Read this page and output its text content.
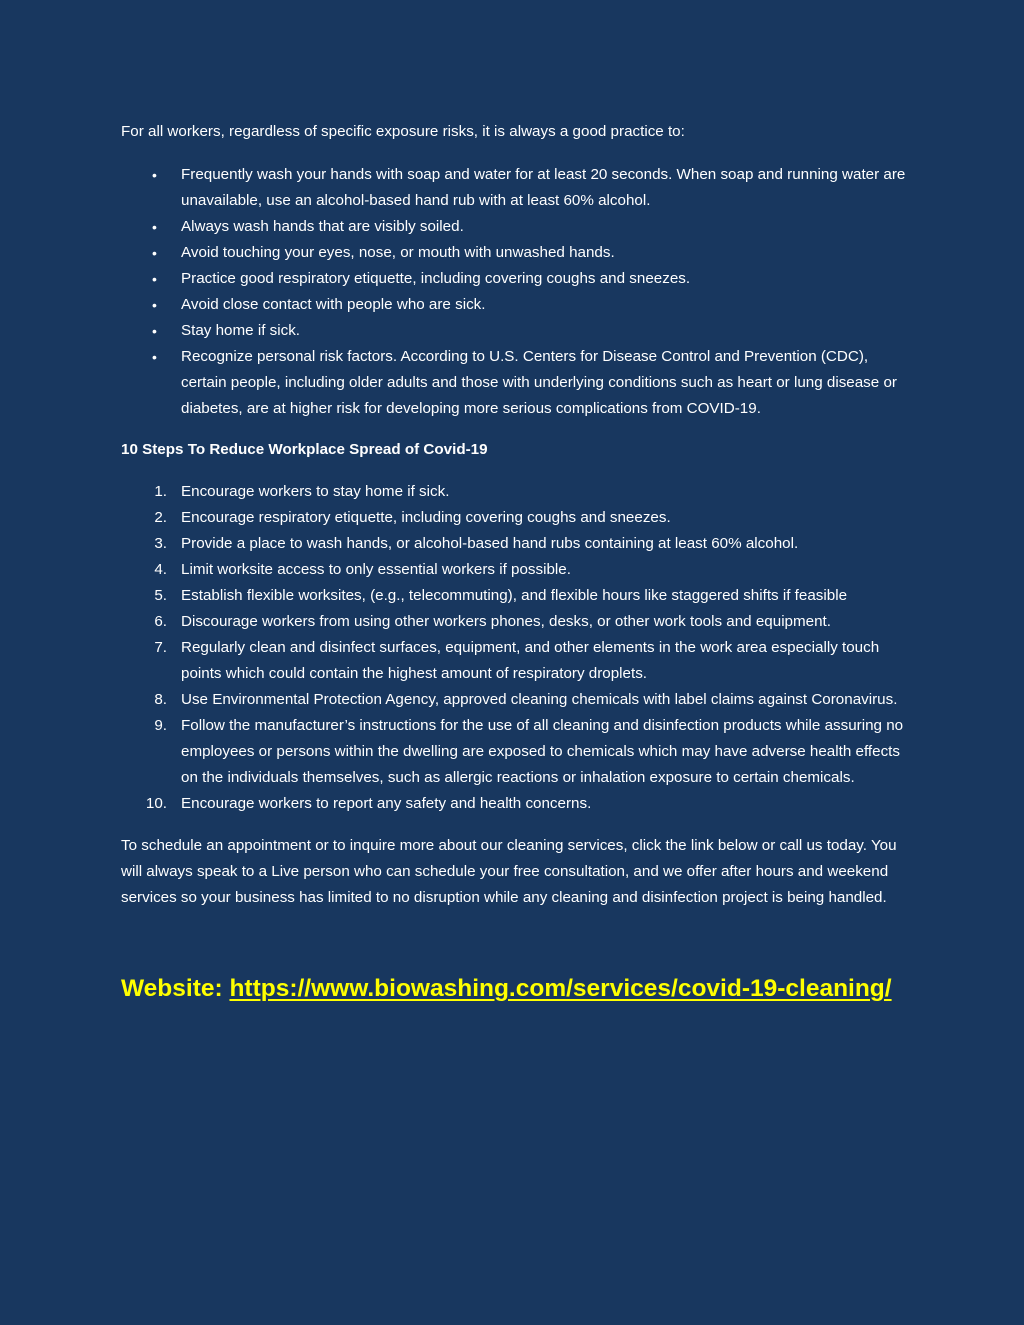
For all workers, regardless of specific exposure risks, it is always a good practice to:

• Frequently wash your hands with soap and water for at least 20 seconds. When soap and running water are unavailable, use an alcohol-based hand rub with at least 60% alcohol.
• Always wash hands that are visibly soiled.
• Avoid touching your eyes, nose, or mouth with unwashed hands.
• Practice good respiratory etiquette, including covering coughs and sneezes.
• Avoid close contact with people who are sick.
• Stay home if sick.
• Recognize personal risk factors. According to U.S. Centers for Disease Control and Prevention (CDC), certain people, including older adults and those with underlying conditions such as heart or lung disease or diabetes, are at higher risk for developing more serious complications from COVID-19.
10 Steps To Reduce Workplace Spread of Covid-19
1. Encourage workers to stay home if sick.
2. Encourage respiratory etiquette, including covering coughs and sneezes.
3. Provide a place to wash hands, or alcohol-based hand rubs containing at least 60% alcohol.
4. Limit worksite access to only essential workers if possible.
5. Establish flexible worksites, (e.g., telecommuting), and flexible hours like staggered shifts if feasible
6. Discourage workers from using other workers phones, desks, or other work tools and equipment.
7. Regularly clean and disinfect surfaces, equipment, and other elements in the work area especially touch points which could contain the highest amount of respiratory droplets.
8. Use Environmental Protection Agency, approved cleaning chemicals with label claims against Coronavirus.
9. Follow the manufacturer’s instructions for the use of all cleaning and disinfection products while assuring no employees or persons within the dwelling are exposed to chemicals which may have adverse health effects on the individuals themselves, such as allergic reactions or inhalation exposure to certain chemicals.
10. Encourage workers to report any safety and health concerns.

To schedule an appointment or to inquire more about our cleaning services, click the link below or call us today. You will always speak to a Live person who can schedule your free consultation, and we offer after hours and weekend services so your business has limited to no disruption while any cleaning and disinfection project is being handled.

Website: https://www.biowashing.com/services/covid-19-cleaning/
